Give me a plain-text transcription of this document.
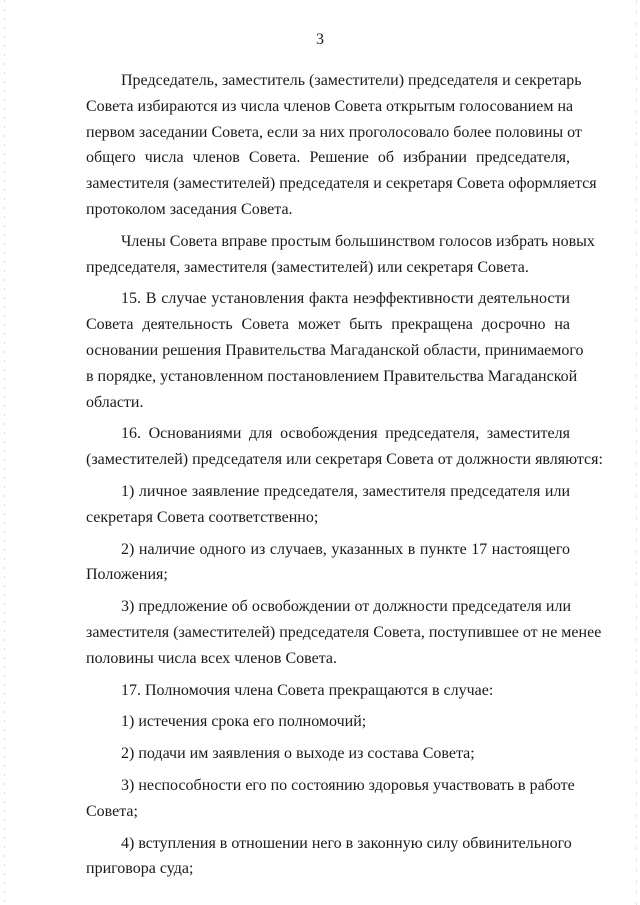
3
Председатель, заместитель (заместители) председателя и секретарь
Совета избираются из числа членов Совета открытым голосованием на
первом заседании Совета, если за них проголосовало более половины от
общего числа членов Совета. Решение об избрании председателя,
заместителя (заместителей) председателя и секретаря Совета оформляется
протоколом заседания Совета.
Члены Совета вправе простым большинством голосов избрать новых
председателя, заместителя (заместителей) или секретаря Совета.
15. В случае установления факта неэффективности деятельности
Совета деятельность Совета может быть прекращена досрочно на
основании решения Правительства Магаданской области, принимаемого
в порядке, установленном постановлением Правительства Магаданской
области.
16. Основаниями для освобождения председателя, заместителя
(заместителей) председателя или секретаря Совета от должности являются:
1) личное заявление председателя, заместителя председателя или
секретаря Совета соответственно;
2) наличие одного из случаев, указанных в пункте 17 настоящего
Положения;
3) предложение об освобождении от должности председателя или
заместителя (заместителей) председателя Совета, поступившее от не менее
половины числа всех членов Совета.
17. Полномочия члена Совета прекращаются в случае:
1) истечения срока его полномочий;
2) подачи им заявления о выходе из состава Совета;
3) неспособности его по состоянию здоровья участвовать в работе
Совета;
4) вступления в отношении него в законную силу обвинительного
приговора суда;
